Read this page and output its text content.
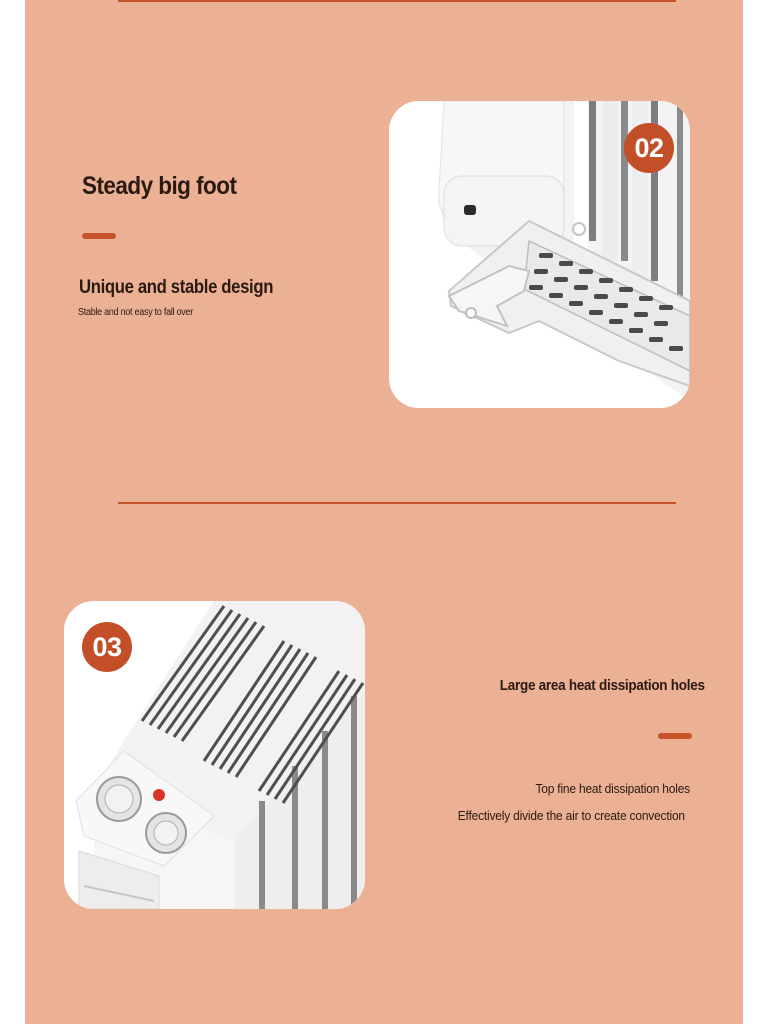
Steady big foot
Unique and stable design
Stable and not easy to fall over
02
03
Large area heat dissipation holes
Top fine heat dissipation holes
Effectively divide the air to create convection
